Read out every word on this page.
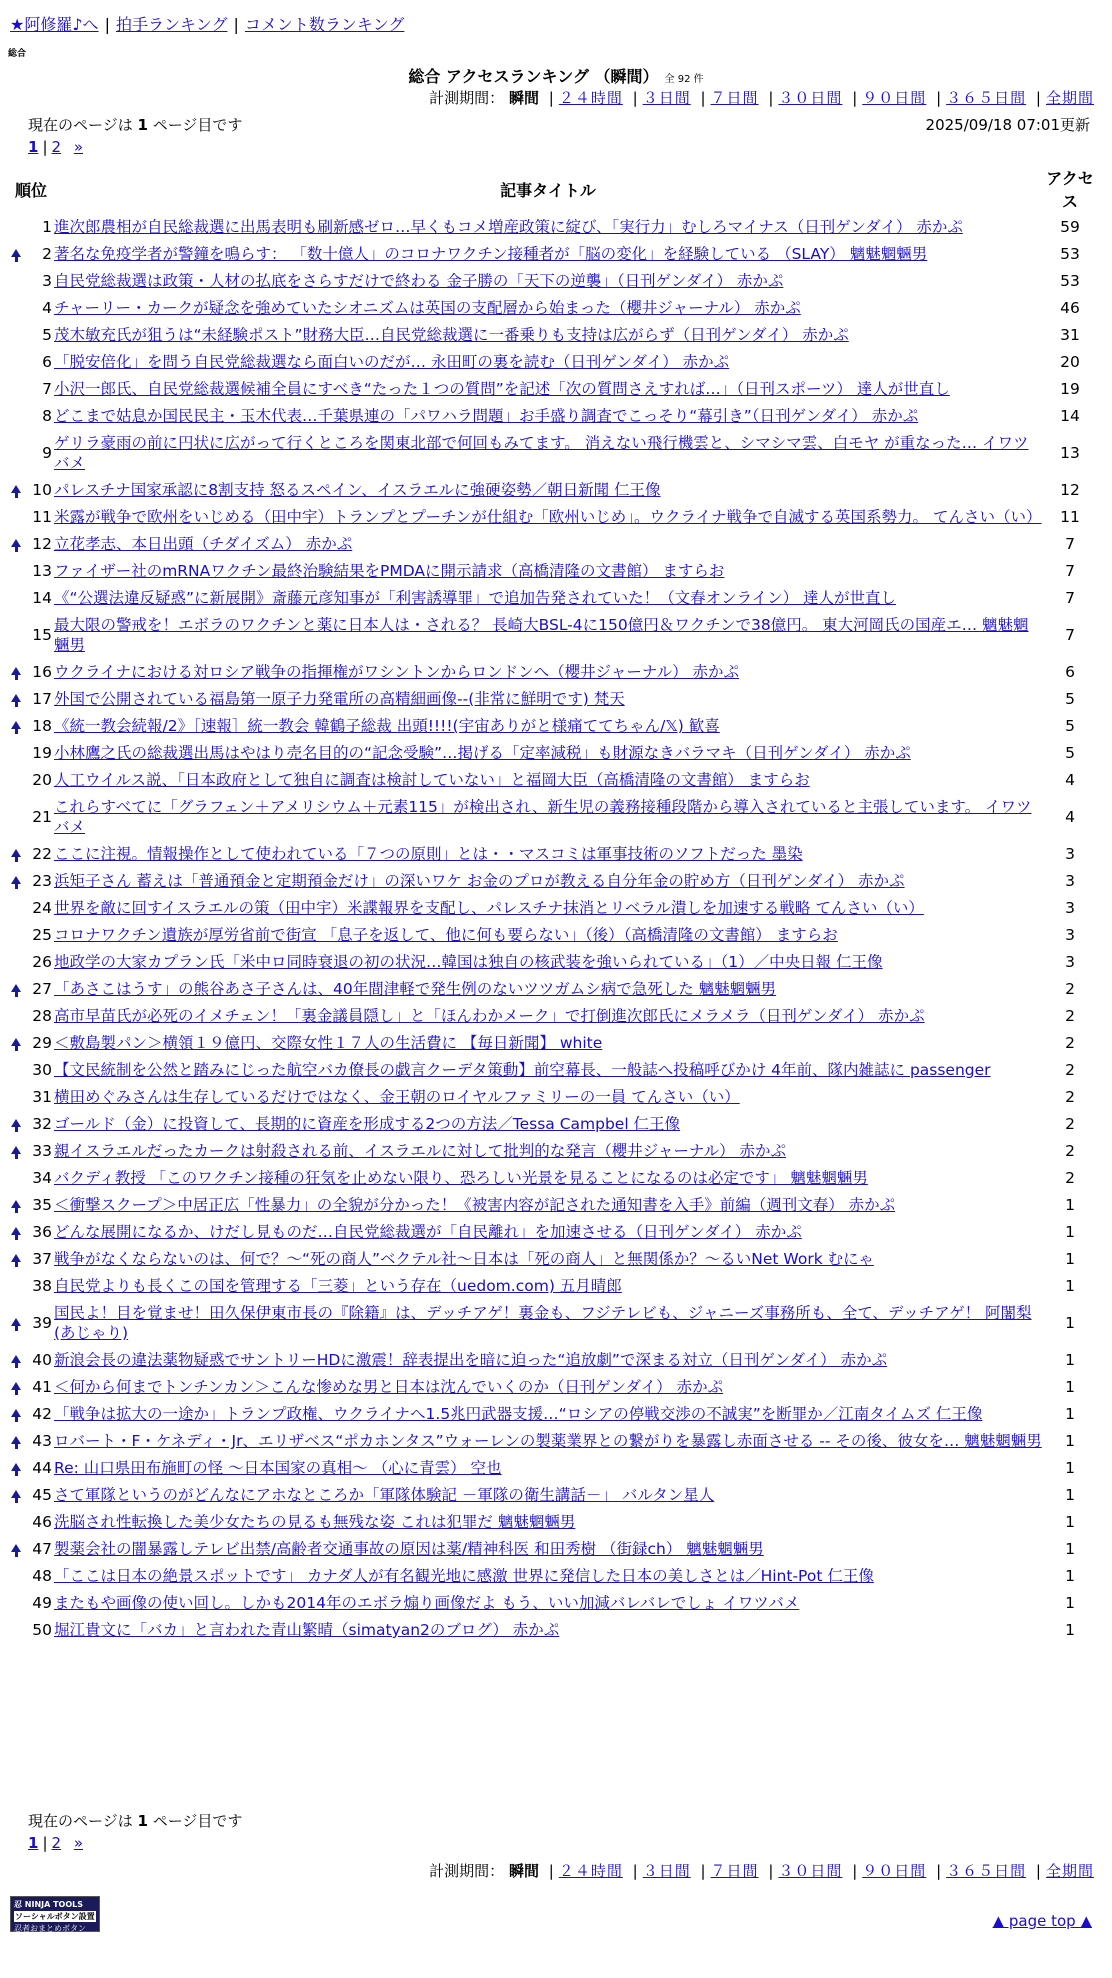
★阿修羅♪へ | 拍手ランキング | コメント数ランキング
総合
総合 アクセスランキング （瞬間） 全 92 件
計測期間： 瞬間 | ２４時間 | ３日間 | ７日間 | ３０日間 | ９０日間 | ３６５日間 | 全期間
現在のページは 1 ページ目です	2025/09/18 07:01更新
1 | 2 »
順位		記事タイトル	アクセス
	1	進次郎農相が自民総裁選に出馬表明も刷新感ゼロ…早くもコメ増産政策に綻び、「実行力」むしろマイナス（日刊ゲンダイ） 赤かぷ	59
	2	著名な免疫学者が警鐘を鳴らす： 「数十億人」のコロナワクチン接種者が「脳の変化」を経験している （SLAY） 魑魅魍魎男	53
	3	自民党総裁選は政策・人材の払底をさらすだけで終わる 金子勝の「天下の逆襲」（日刊ゲンダイ） 赤かぷ	53
	4	チャーリー・カークが疑念を強めていたシオニズムは英国の支配層から始まった（櫻井ジャーナル） 赤かぷ	46
	5	茂木敏充氏が狙うは“未経験ポスト”財務大臣…自民党総裁選に一番乗りも支持は広がらず（日刊ゲンダイ） 赤かぷ	31
	6	「脱安倍化」を問う自民党総裁選なら面白いのだが… 永田町の裏を読む（日刊ゲンダイ） 赤かぷ	20
	7	小沢一郎氏、自民党総裁選候補全員にすべき“たった１つの質問”を記述「次の質問さえすれば…」（日刊スポーツ） 達人が世直し	19
	8	どこまで姑息か国民民主・玉木代表…千葉県連の「パワハラ問題」お手盛り調査でこっそり“幕引き”（日刊ゲンダイ） 赤かぷ	14
	9	ゲリラ豪雨の前に円状に広がって行くところを関東北部で何回もみてます。 消えない飛行機雲と、シマシマ雲、白モヤ が重なった… イワツバメ	13
	10	パレスチナ国家承認に8割支持 怒るスペイン、イスラエルに強硬姿勢／朝日新聞 仁王像	12
	11	米露が戦争で欧州をいじめる（田中宇）トランプとプーチンが仕組む「欧州いじめ」。ウクライナ戦争で自滅する英国系勢力。 てんさい（い）	11
	12	立花孝志、本日出頭（チダイズム） 赤かぷ	7
	13	ファイザー社のmRNAワクチン最終治験結果をPMDAに開示請求（高橋清隆の文書館） ますらお	7
	14	《“公選法違反疑惑”に新展開》斎藤元彦知事が「利害誘導罪」で追加告発されていた！（文春オンライン） 達人が世直し	7
	15	最大限の警戒を！エボラのワクチンと薬に日本人は・される？ 長崎大BSL-4に150億円＆ワクチンで38億円。 東大河岡氏の国産エ… 魑魅魍魎男	7
	16	ウクライナにおける対ロシア戦争の指揮権がワシントンからロンドンへ（櫻井ジャーナル） 赤かぷ	6
	17	外国で公開されている福島第一原子力発電所の高精細画像--(非常に鮮明です) 梵天	5
	18	《統一教会続報/2》［速報］統一教会 韓鶴子総裁 出頭!!!!(宇宙ありがと様痛ててちゃん/𝕏) 歓喜	5
	19	小林鷹之氏の総裁選出馬はやはり売名目的の“記念受験”…掲げる「定率減税」も財源なきバラマキ（日刊ゲンダイ） 赤かぷ	5
	20	人工ウイルス説、「日本政府として独自に調査は検討していない」と福岡大臣（高橋清隆の文書館） ますらお	4
	21	これらすべてに「グラフェン＋アメリシウム＋元素115」が検出され、新生児の義務接種段階から導入されていると主張しています。 イワツバメ	4
	22	ここに注視。情報操作として使われている「７つの原則」とは・・マスコミは軍事技術のソフトだった 墨染	3
	23	浜矩子さん 蓄えは「普通預金と定期預金だけ」の深いワケ お金のプロが教える自分年金の貯め方（日刊ゲンダイ） 赤かぷ	3
	24	世界を敵に回すイスラエルの策（田中宇）米諜報界を支配し、パレスチナ抹消とリベラル潰しを加速する戦略 てんさい（い）	3
	25	コロナワクチン遺族が厚労省前で街宣 「息子を返して、他に何も要らない」（後）（高橋清隆の文書館） ますらお	3
	26	地政学の大家カプラン氏「米中ロ同時衰退の初の状況…韓国は独自の核武装を強いられている」（1）／中央日報 仁王像	3
	27	「あさこはうす」の熊谷あさ子さんは、40年間津軽で発生例のないツツガムシ病で急死した 魑魅魍魎男	2
	28	高市早苗氏が必死のイメチェン！「裏金議員隠し」と「ほんわかメーク」で打倒進次郎氏にメラメラ（日刊ゲンダイ） 赤かぷ	2
	29	＜敷島製パン＞横領１９億円、交際女性１７人の生活費に 【毎日新聞】 white	2
	30	【文民統制を公然と踏みにじった航空バカ僚長の戯言クーデタ策動】前空幕長、一般誌へ投稿呼びかけ 4年前、隊内雑誌に passenger	2
	31	横田めぐみさんは生存しているだけではなく、金王朝のロイヤルファミリーの一員 てんさい（い）	2
	32	ゴールド（金）に投資して、長期的に資産を形成する2つの方法／Tessa Campbel 仁王像	2
	33	親イスラエルだったカークは射殺される前、イスラエルに対して批判的な発言（櫻井ジャーナル） 赤かぷ	2
	34	バクディ教授 「このワクチン接種の狂気を止めない限り、恐ろしい光景を見ることになるのは必定です」 魑魅魍魎男	2
	35	＜衝撃スクープ＞中居正広「性暴力」の全貌が分かった！《被害内容が記された通知書を入手》前編（週刊文春） 赤かぷ	1
	36	どんな展開になるか、けだし見ものだ…自民党総裁選が「自民離れ」を加速させる（日刊ゲンダイ） 赤かぷ	1
	37	戦争がなくならないのは、何で？～“死の商人”ベクテル社～日本は「死の商人」と無関係か？～るいNet Work むにゃ	1
	38	自民党よりも長くこの国を管理する「三菱」という存在（uedom.com) 五月晴郎	1
	39	国民よ！目を覚ませ！田久保伊東市長の『除籍』は、デッチアゲ！裏金も、フジテレビも、ジャニーズ事務所も、全て、デッチアゲ！ 阿闍梨(あじゃり)	1
	40	新浪会長の違法薬物疑惑でサントリーHDに激震！辞表提出を暗に迫った“追放劇”で深まる対立（日刊ゲンダイ） 赤かぷ	1
	41	＜何から何までトンチンカン＞こんな惨めな男と日本は沈んでいくのか（日刊ゲンダイ） 赤かぷ	1
	42	「戦争は拡大の一途か」トランプ政権、ウクライナへ1.5兆円武器支援…“ロシアの停戦交渉の不誠実”を断罪か／江南タイムズ 仁王像	1
	43	ロバート・F・ケネディ・Jr、エリザベス“ポカホンタス”ウォーレンの製薬業界との繋がりを暴露し赤面させる -- その後、彼女を… 魑魅魍魎男	1
	44	Re: 山口県田布施町の怪 ～日本国家の真相～ （心に青雲） 空也	1
	45	さて軍隊というのがどんなにアホなところか「軍隊体験記 －軍隊の衛生講話－」 バルタン星人	1
	46	洗脳され性転換した美少女たちの見るも無残な姿 これは犯罪だ 魑魅魍魎男	1
	47	製薬会社の闇暴露しテレビ出禁/高齢者交通事故の原因は薬/精神科医 和田秀樹 （街録ch） 魑魅魍魎男	1
	48	「ここは日本の絶景スポットです」 カナダ人が有名観光地に感激 世界に発信した日本の美しさとは／Hint-Pot 仁王像	1
	49	またもや画像の使い回し。しかも2014年のエボラ煽り画像だよ もう、いい加減バレバレでしょ イワツバメ	1
	50	堀江貴文に「バカ」と言われた青山繁晴（simatyan2のブログ） 赤かぷ	1
現在のページは 1 ページ目です
1 | 2 »
計測期間： 瞬間 | ２４時間 | ３日間 | ７日間 | ３０日間 | ９０日間 | ３６５日間 | 全期間
忍 NINJA TOOLS
ソーシャルボタン設置
忍者おまとめボタン	▲ page top ▲
